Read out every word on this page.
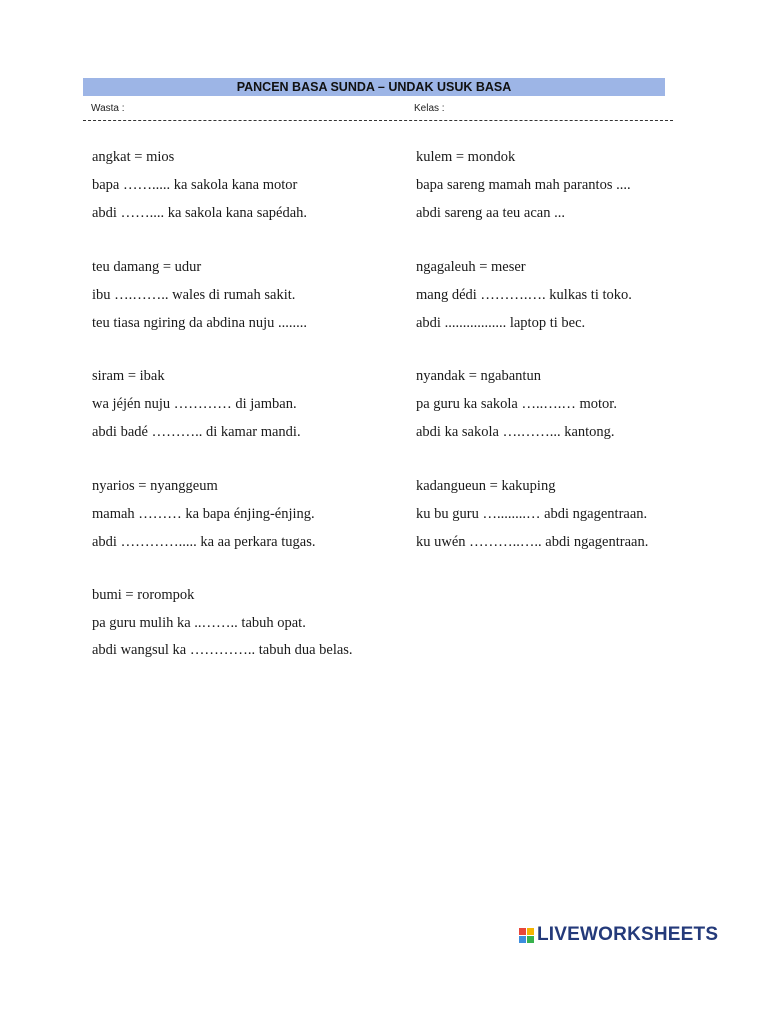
PANCEN BASA SUNDA – UNDAK USUK BASA
Wasta :	Kelas :
angkat = mios
bapa ……..... ka sakola kana motor
abdi …….... ka sakola kana sapédah.
teu damang = udur
ibu ….…….. wales di rumah sakit.
teu tiasa ngiring da abdina nuju ........
siram = ibak
wa jéjén nuju ………… di jamban.
abdi badé ……….. di kamar mandi.
nyarios = nyanggeum
mamah ……… ka bapa énjing-énjing.
abdi …………..... ka aa perkara tugas.
bumi = rorompok
pa guru mulih ka ..…….. tabuh opat.
abdi wangsul ka ………….. tabuh dua belas.
kulem = mondok
bapa sareng mamah mah parantos ....
abdi sareng aa teu acan ...
ngagaleuh = meser
mang dédi ……….…. kulkas ti toko.
abdi ................. laptop ti bec.
nyandak = ngabantun
pa guru ka sakola …..….… motor.
abdi ka sakola ….……... kantong.
kadangueun = kakuping
ku bu guru …........… abdi ngagentraan.
ku uwén ………..….. abdi ngagentraan.
LIVEWORKSHEETS
